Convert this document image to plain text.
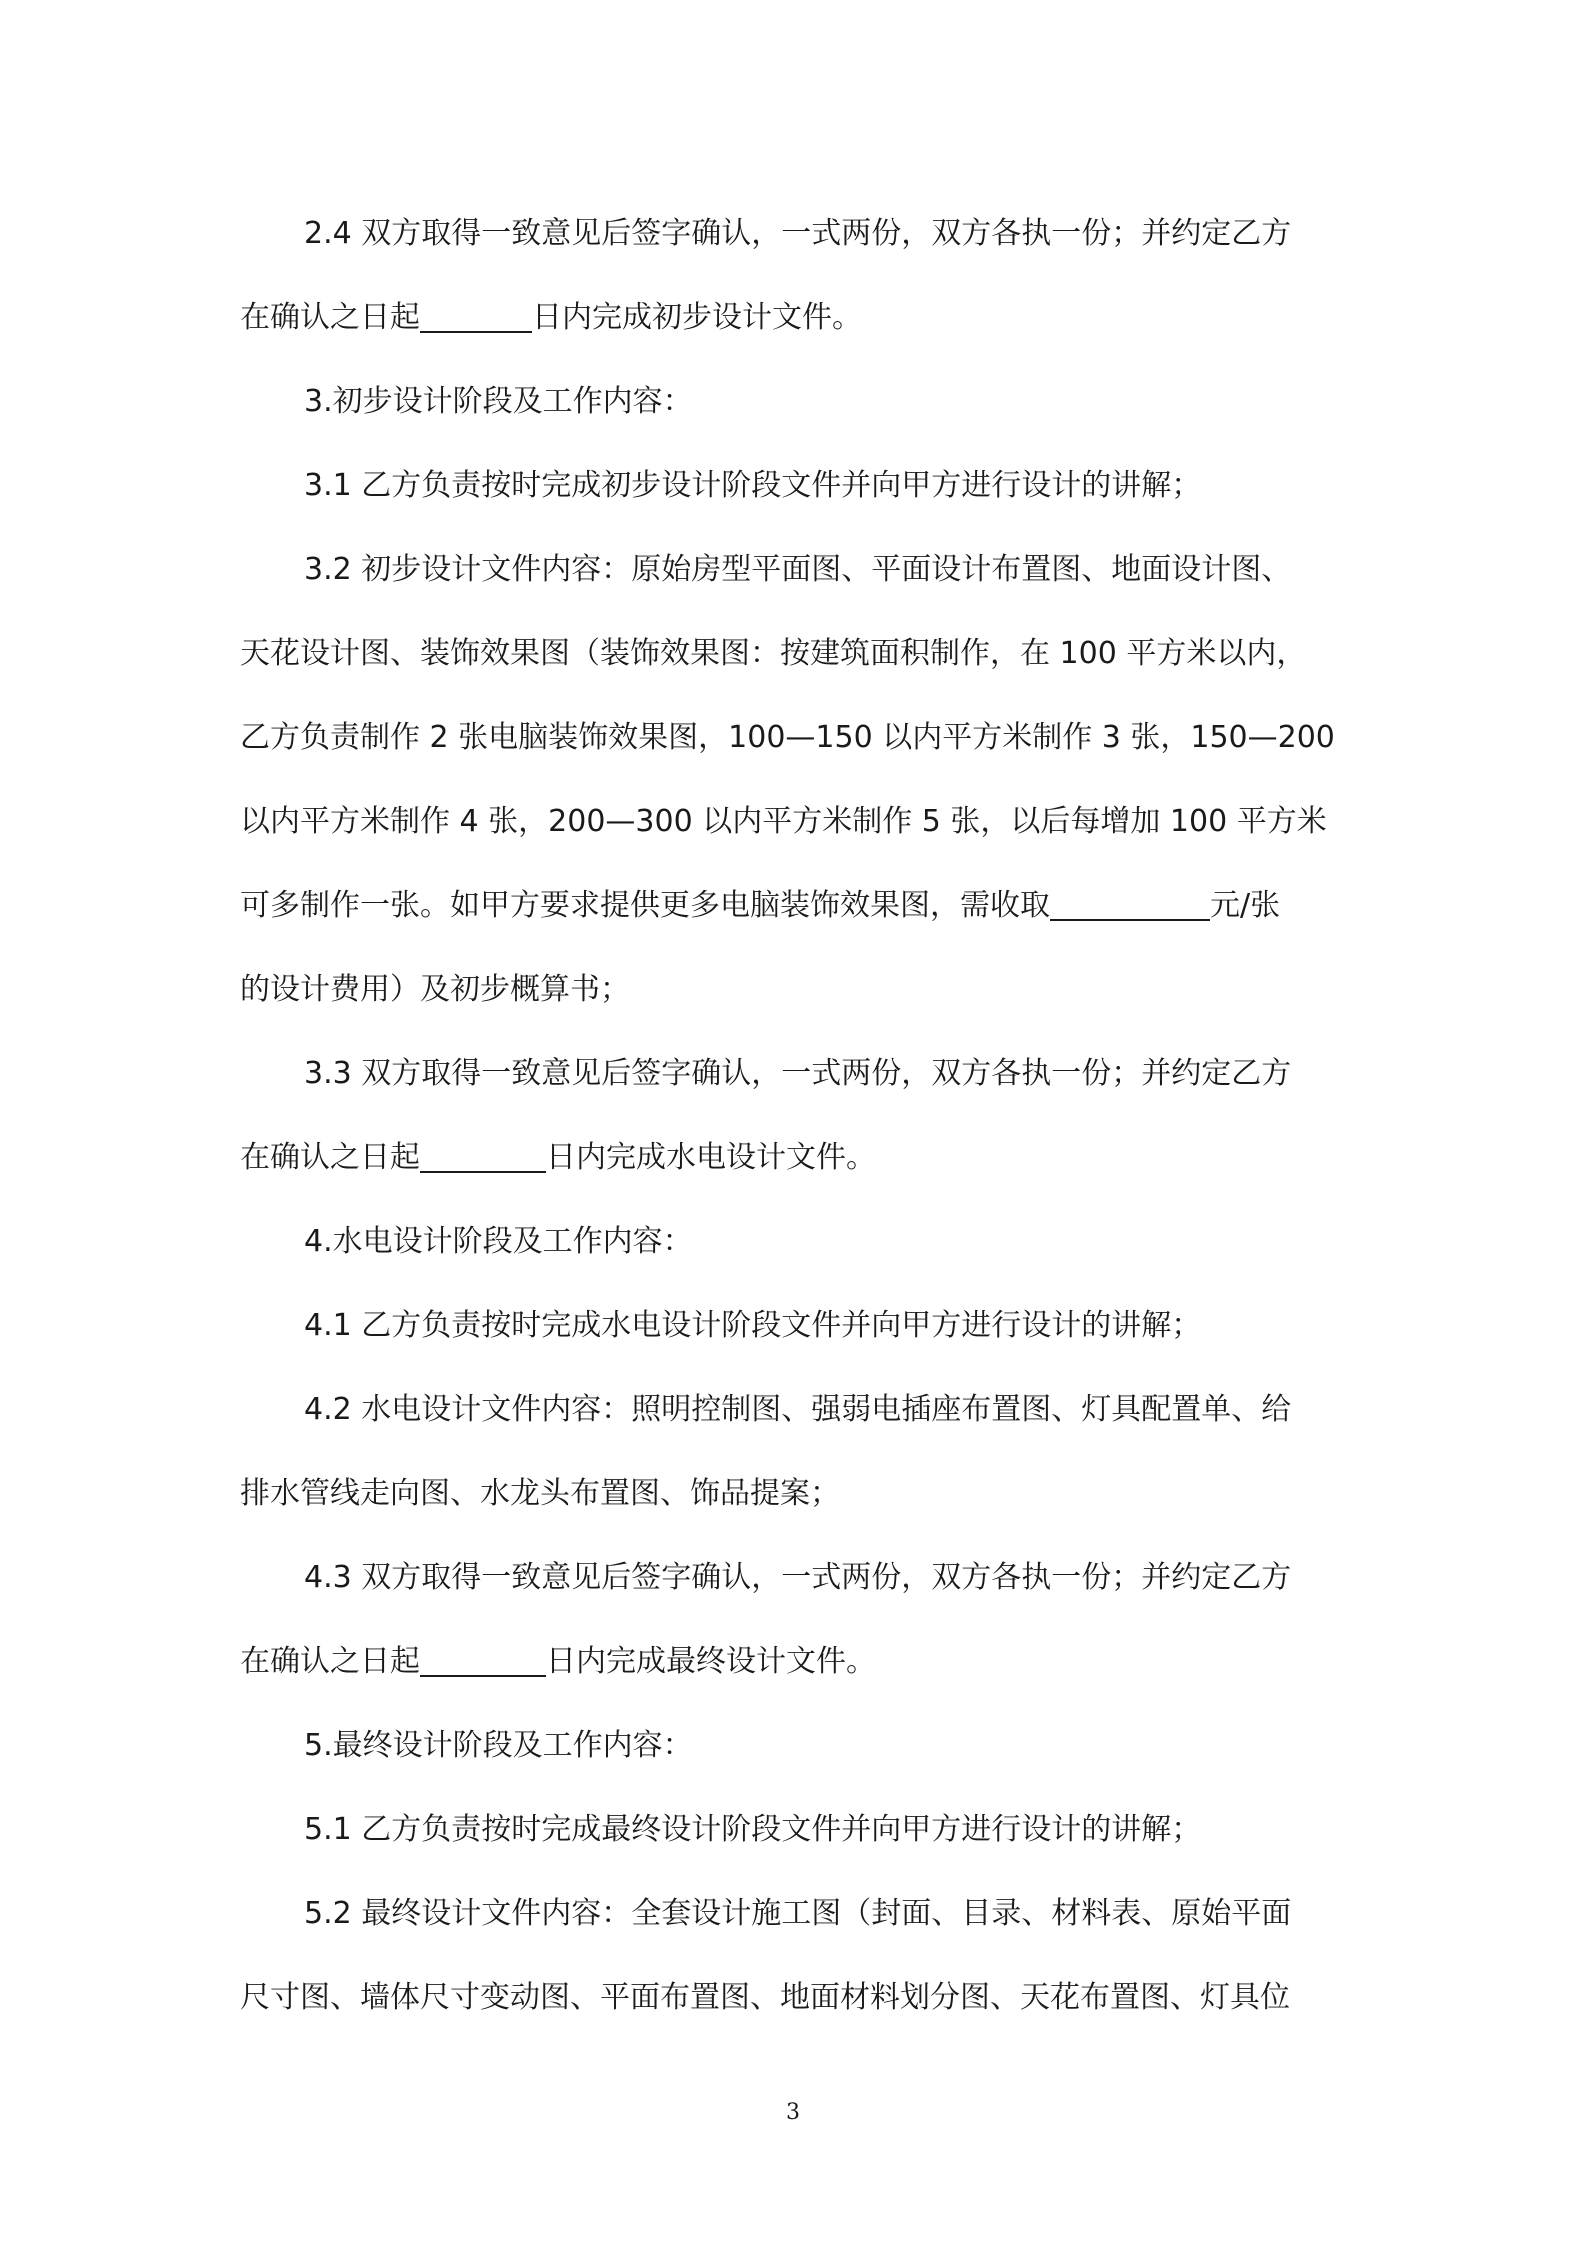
2.4 双方取得一致意见后签字确认，一式两份，双方各执一份；并约定乙方
在确认之日起	日内完成初步设计文件。
3.初步设计阶段及工作内容：
3.1 乙方负责按时完成初步设计阶段文件并向甲方进行设计的讲解；
3.2 初步设计文件内容：原始房型平面图、平面设计布置图、地面设计图、
天花设计图、装饰效果图（装饰效果图：按建筑面积制作，在 100 平方米以内，
乙方负责制作 2 张电脑装饰效果图，100—150 以内平方米制作 3 张，150—200
以内平方米制作 4 张，200—300 以内平方米制作 5 张，以后每增加 100 平方米
可多制作一张。如甲方要求提供更多电脑装饰效果图，需收取	元/张
的设计费用）及初步概算书；
3.3 双方取得一致意见后签字确认，一式两份，双方各执一份；并约定乙方
在确认之日起	日内完成水电设计文件。
4.水电设计阶段及工作内容：
4.1 乙方负责按时完成水电设计阶段文件并向甲方进行设计的讲解；
4.2 水电设计文件内容：照明控制图、强弱电插座布置图、灯具配置单、给
排水管线走向图、水龙头布置图、饰品提案；
4.3 双方取得一致意见后签字确认，一式两份，双方各执一份；并约定乙方
在确认之日起	日内完成最终设计文件。
5.最终设计阶段及工作内容：
5.1 乙方负责按时完成最终设计阶段文件并向甲方进行设计的讲解；
5.2 最终设计文件内容：全套设计施工图（封面、目录、材料表、原始平面
尺寸图、墙体尺寸变动图、平面布置图、地面材料划分图、天花布置图、灯具位
3
